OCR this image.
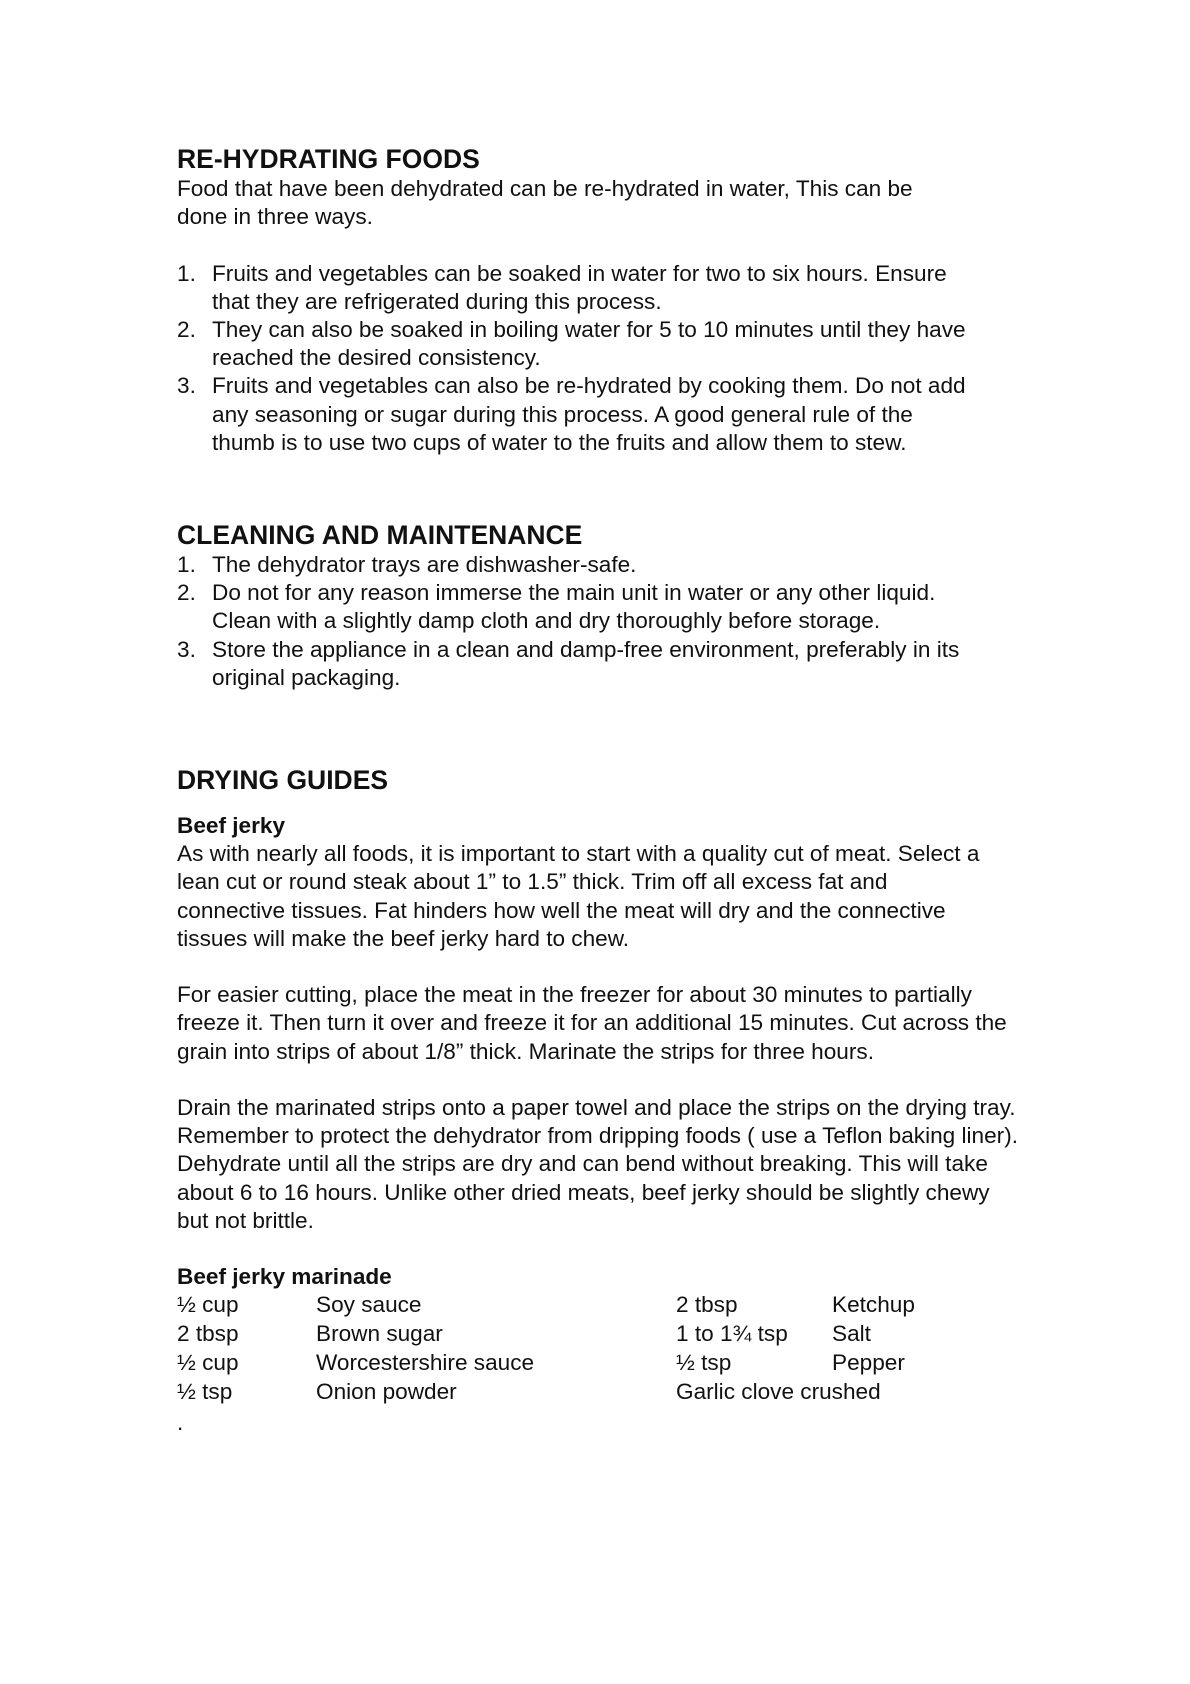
RE-HYDRATING FOODS

Food that have been dehydrated can be re-hydrated in water, This can be done in three ways.

1. Fruits and vegetables can be soaked in water for two to six hours. Ensure that they are refrigerated during this process.
2. They can also be soaked in boiling water for 5 to 10 minutes until they have reached the desired consistency.
3. Fruits and vegetables can also be re-hydrated by cooking them. Do not add any seasoning or sugar during this process. A good general rule of the thumb is to use two cups of water to the fruits and allow them to stew.
CLEANING AND MAINTENANCE
1. The dehydrator trays are dishwasher-safe.
2. Do not for any reason immerse the main unit in water or any other liquid. Clean with a slightly damp cloth and dry thoroughly before storage.
3. Store the appliance in a clean and damp-free environment, preferably in its original packaging.
DRYING GUIDES
Beef jerky

As with nearly all foods, it is important to start with a quality cut of meat. Select a lean cut or round steak about 1” to 1.5” thick. Trim off all excess fat and connective tissues. Fat hinders how well the meat will dry and the connective tissues will make the beef jerky hard to chew.

For easier cutting, place the meat in the freezer for about 30 minutes to partially freeze it. Then turn it over and freeze it for an additional 15 minutes. Cut across the grain into strips of about 1/8” thick. Marinate the strips for three hours.

Drain the marinated strips onto a paper towel and place the strips on the drying tray. Remember to protect the dehydrator from dripping foods ( use a Teflon baking liner). Dehydrate until all the strips are dry and can bend without breaking. This will take about 6 to 16 hours. Unlike other dried meats, beef jerky should be slightly chewy but not brittle.

Beef jerky marinade
½ cup	Soy sauce	2 tbsp	Ketchup
2 tbsp	Brown sugar	1 to 1¾ tsp	Salt
½ cup	Worcestershire sauce	½ tsp	Pepper
½ tsp	Onion powder	Garlic clove crushed	

.
